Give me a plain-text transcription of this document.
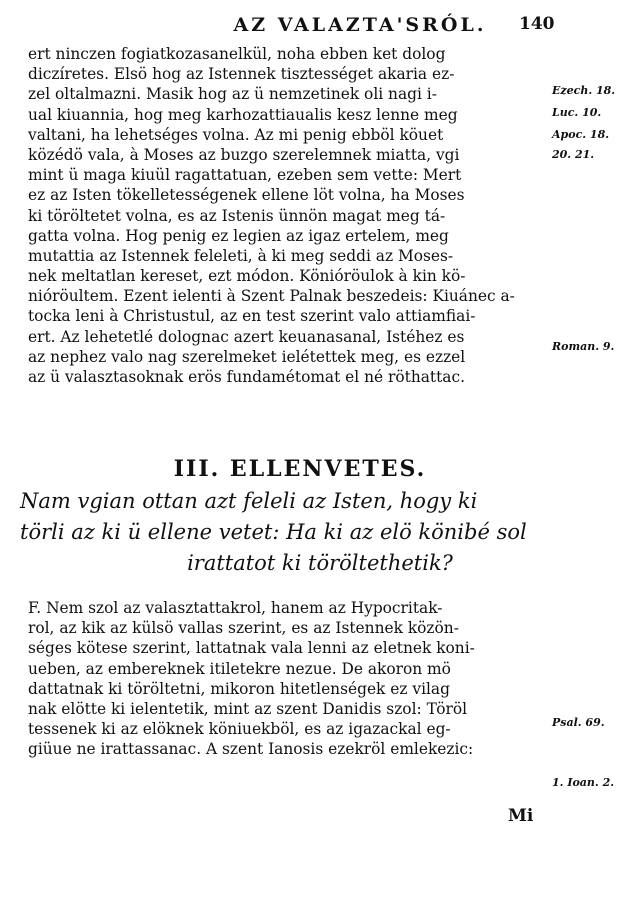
AZ VALAZTA'SRÓL.	140
ert ninczen fogiatkozasanelkül, noha ebben ket dolog
diczíretes. Elsö hog az Istennek tisztességet akaria ez-
zel oltalmazni. Masik hog az ü nemzetinek oli nagi i-
ual kiuannia, hog meg karhozattiaualis kesz lenne meg
valtani, ha lehetséges volna. Az mi penig ebböl köuet
közédö vala, à Moses az buzgo szerelemnek miatta, vgi
mint ü maga kiuül ragattatuan, ezeben sem vette: Mert
ez az Isten tökelletességenek ellene löt volna, ha Moses
ki töröltetet volna, es az Istenis ünnön magat meg tá-
gatta volna. Hog penig ez legien az igaz ertelem, meg
mutattia az Istennek feleleti, à ki meg seddi az Moses-
nek meltatlan kereset, ezt módon. Könióröulok à kin kö-
nióröultem. Ezent ielenti à Szent Palnak beszedeis: Kiuánec a-
tocka leni à Christustul, az en test szerint valo attiamfiai-
ert. Az lehetetlé dolognac azert keuanasanal, Istéhez es
az nephez valo nag szerelmeket ielétettek meg, es ezzel
az ü valasztasoknak erös fundamétomat el né röthattac.
III. ELLENVETES.
Nam vgian ottan azt feleli az Isten, hogy ki
törli az ki ü ellene vetet: Ha ki az elö könibé sol
irattatot ki töröltethetik?
F. Nem szol az valasztattakrol, hanem az Hypocritak-
rol, az kik az külsö vallas szerint, es az Istennek közön-
séges kötese szerint, lattatnak vala lenni az eletnek koni-
ueben, az embereknek itiletekre nezue. De akoron mö
dattatnak ki töröltetni, mikoron hitetlenségek ez vilag
nak elötte ki ielentetik, mint az szent Danidis szol: Töröl
tessenek ki az elöknek köniuekböl, es az igazackal eg-
giüue ne irattassanac. A szent Ianosis ezekröl emlekezic:
Ezech. 18.
Luc. 10.
Apoc. 18.
20. 21.
Roman. 9.
Psal. 69.
1. Ioan. 2.
Mi
